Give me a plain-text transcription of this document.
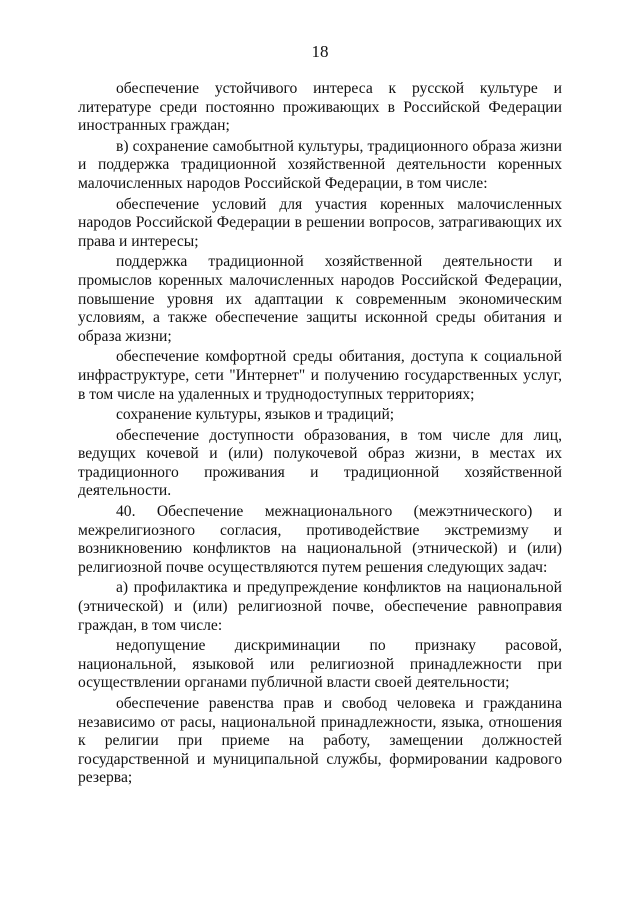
18

обеспечение устойчивого интереса к русской культуре и литературе среди постоянно проживающих в Российской Федерации иностранных граждан;

в) сохранение самобытной культуры, традиционного образа жизни и поддержка традиционной хозяйственной деятельности коренных малочисленных народов Российской Федерации, в том числе:

обеспечение условий для участия коренных малочисленных народов Российской Федерации в решении вопросов, затрагивающих их права и интересы;

поддержка традиционной хозяйственной деятельности и промыслов коренных малочисленных народов Российской Федерации, повышение уровня их адаптации к современным экономическим условиям, а также обеспечение защиты исконной среды обитания и образа жизни;

обеспечение комфортной среды обитания, доступа к социальной инфраструктуре, сети "Интернет" и получению государственных услуг, в том числе на удаленных и труднодоступных территориях;

сохранение культуры, языков и традиций;

обеспечение доступности образования, в том числе для лиц, ведущих кочевой и (или) полукочевой образ жизни, в местах их традиционного проживания и традиционной хозяйственной деятельности.

40. Обеспечение межнационального (межэтнического) и межрелигиозного согласия, противодействие экстремизму и возникновению конфликтов на национальной (этнической) и (или) религиозной почве осуществляются путем решения следующих задач:

а) профилактика и предупреждение конфликтов на национальной (этнической) и (или) религиозной почве, обеспечение равноправия граждан, в том числе:

недопущение дискриминации по признаку расовой, национальной, языковой или религиозной принадлежности при осуществлении органами публичной власти своей деятельности;

обеспечение равенства прав и свобод человека и гражданина независимо от расы, национальной принадлежности, языка, отношения к религии при приеме на работу, замещении должностей государственной и муниципальной службы, формировании кадрового резерва;
